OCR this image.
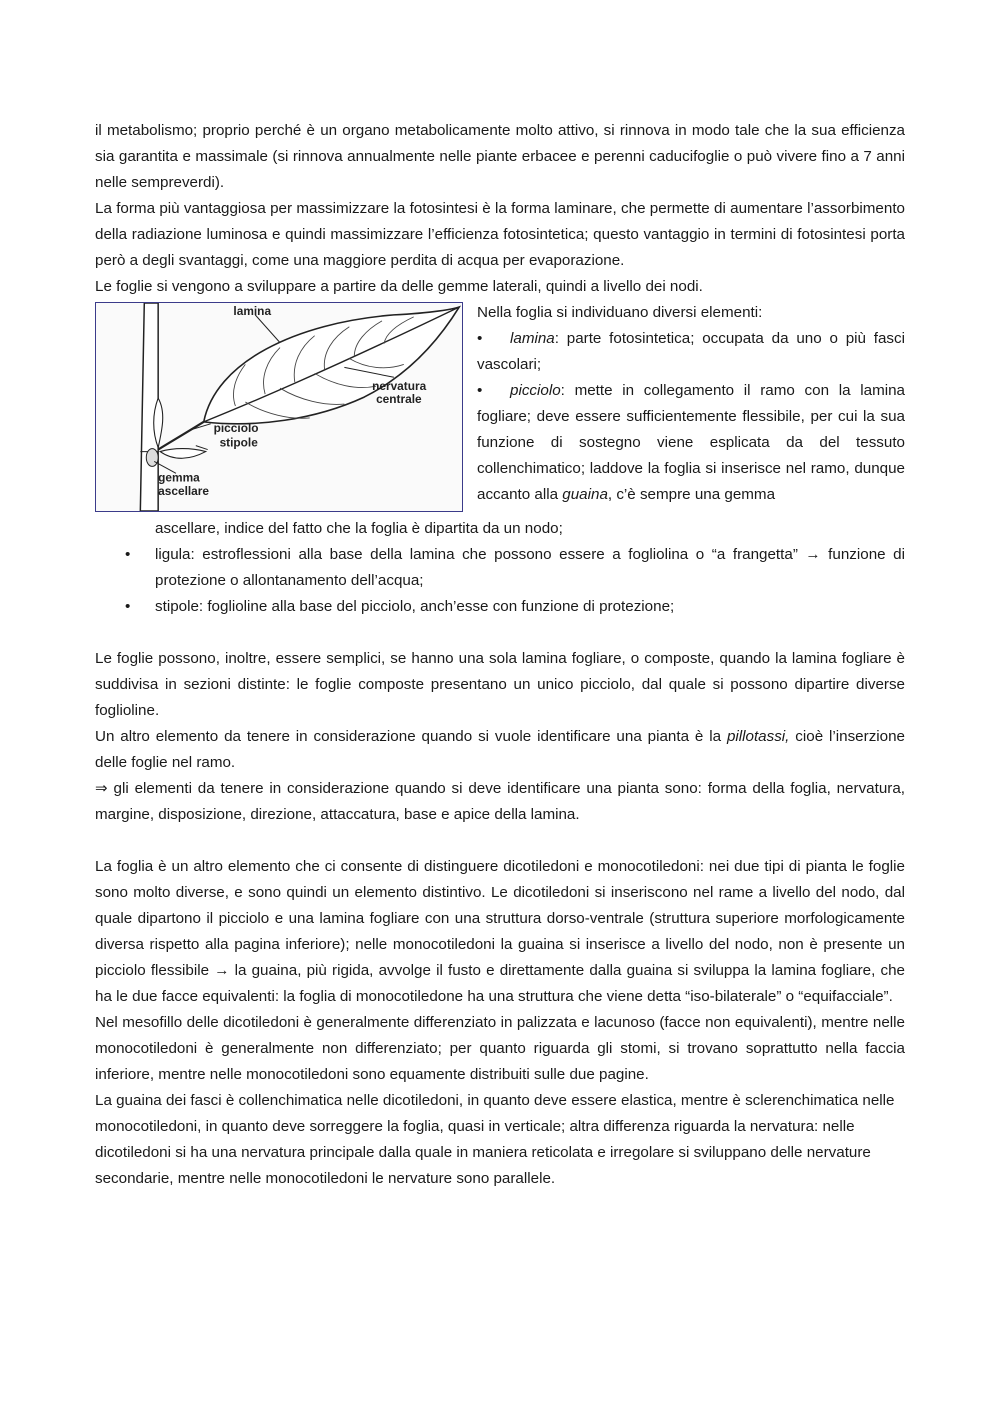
il metabolismo; proprio perché è un organo metabolicamente molto attivo, si rinnova in modo tale che la sua efficienza sia garantita e massimale (si rinnova annualmente nelle piante erbacee e perenni caducifoglie o può vivere fino a 7 anni nelle sempreverdi).

La forma più vantaggiosa per massimizzare la fotosintesi è la forma laminare, che permette di aumentare l’assorbimento della radiazione luminosa e quindi massimizzare l’efficienza fotosintetica; questo vantaggio in termini di fotosintesi porta però a degli svantaggi, come una maggiore perdita di acqua per evaporazione.

Le foglie si vengono a sviluppare a partire da delle gemme laterali, quindi a livello dei nodi.

lamina
nervatura
centrale
picciolo
stipole
gemma
ascellare

Nella foglia si individuano diversi elementi:

• lamina: parte fotosintetica; occupata da uno o più fasci vascolari;
• picciolo: mette in collegamento il ramo con la lamina fogliare; deve essere sufficientemente flessibile, per cui la sua funzione di sostegno viene esplicata da del tessuto collenchimatico; laddove la foglia si inserisce nel ramo, dunque accanto alla guaina, c’è sempre una gemma

ascellare, indice del fatto che la foglia è dipartita da un nodo;

• ligula: estroflessioni alla base della lamina che possono essere a fogliolina o “a frangetta” → funzione di protezione o allontanamento dell’acqua;
• stipole: foglioline alla base del picciolo, anch’esse con funzione di protezione;

Le foglie possono, inoltre, essere semplici, se hanno una sola lamina fogliare, o composte, quando la lamina fogliare è suddivisa in sezioni distinte: le foglie composte presentano un unico picciolo, dal quale si possono dipartire diverse foglioline.

Un altro elemento da tenere in considerazione quando si vuole identificare una pianta è la pillotassi, cioè l’inserzione delle foglie nel ramo.

⇒ gli elementi da tenere in considerazione quando si deve identificare una pianta sono: forma della foglia, nervatura, margine, disposizione, direzione, attaccatura, base e apice della lamina.

La foglia è un altro elemento che ci consente di distinguere dicotiledoni e monocotiledoni: nei due tipi di pianta le foglie sono molto diverse, e sono quindi un elemento distintivo. Le dicotiledoni si inseriscono nel rame a livello del nodo, dal quale dipartono il picciolo e una lamina fogliare con una struttura dorso-ventrale (struttura superiore morfologicamente diversa rispetto alla pagina inferiore); nelle monocotiledoni la guaina si inserisce a livello del nodo, non è presente un picciolo flessibile → la guaina, più rigida, avvolge il fusto e direttamente dalla guaina si sviluppa la lamina fogliare, che ha le due facce equivalenti: la foglia di monocotiledone ha una struttura che viene detta “iso-bilaterale” o “equifacciale”.

Nel mesofillo delle dicotiledoni è generalmente differenziato in palizzata e lacunoso (facce non equivalenti), mentre nelle monocotiledoni è generalmente non differenziato; per quanto riguarda gli stomi, si trovano soprattutto nella faccia inferiore, mentre nelle monocotiledoni sono equamente distribuiti sulle due pagine.

La guaina dei fasci è collenchimatica nelle dicotiledoni, in quanto deve essere elastica, mentre è sclerenchimatica nelle monocotiledoni, in quanto deve sorreggere la foglia, quasi in verticale; altra differenza riguarda la nervatura: nelle dicotiledoni si ha una nervatura principale dalla quale in maniera reticolata e irregolare si sviluppano delle nervature secondarie, mentre nelle monocotiledoni le nervature sono parallele.
